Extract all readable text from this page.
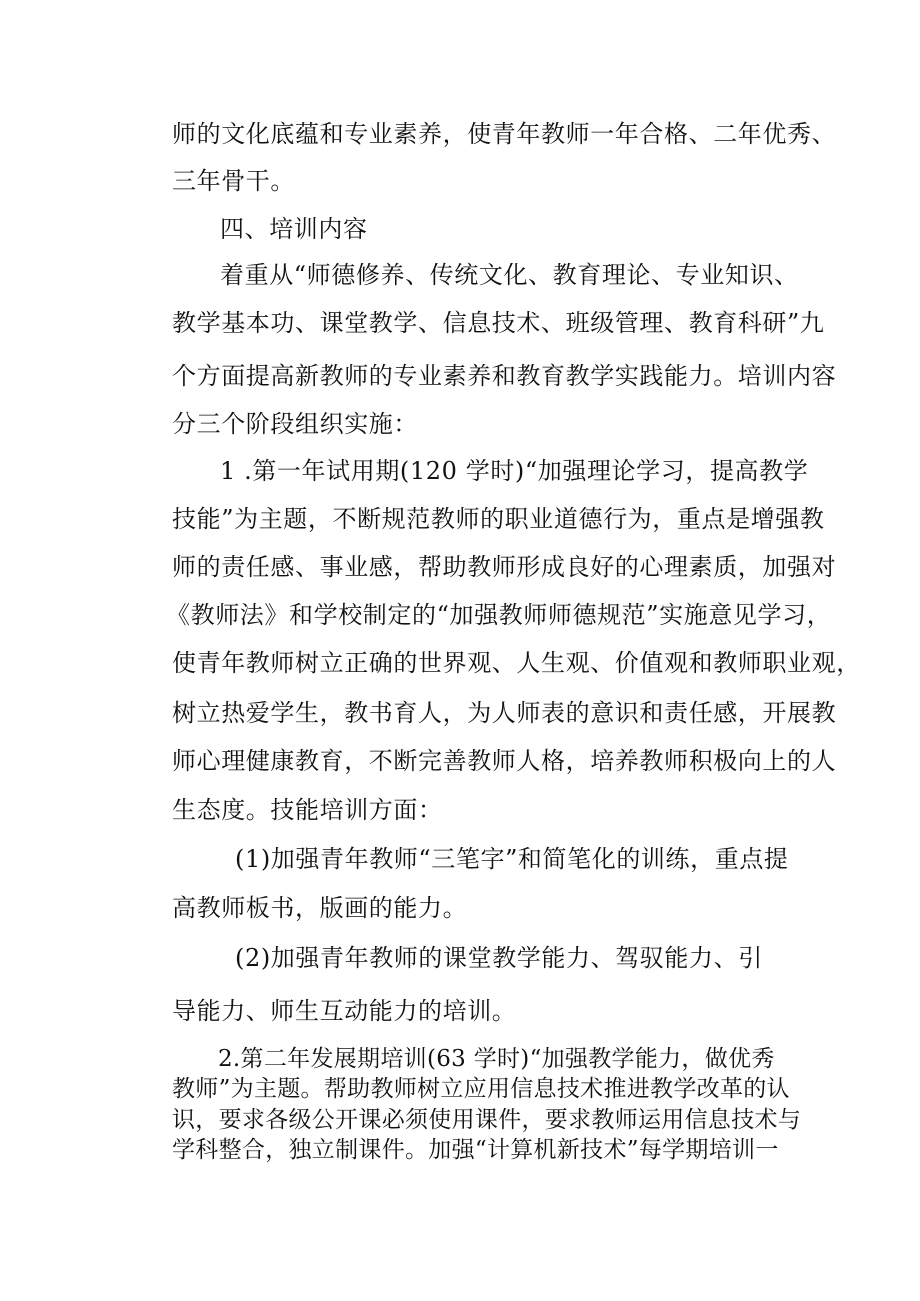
师的文化底蕴和专业素养，使青年教师一年合格、二年优秀、
三年骨干。
四、培训内容
着重从“师德修养、传统文化、教育理论、专业知识、
教学基本功、课堂教学、信息技术、班级管理、教育科研”九
个方面提高新教师的专业素养和教育教学实践能力。培训内容
分三个阶段组织实施：
1 .第一年试用期(120 学时)“加强理论学习，提高教学
技能”为主题，不断规范教师的职业道德行为，重点是增强教
师的责任感、事业感，帮助教师形成良好的心理素质，加强对
《教师法》和学校制定的“加强教师师德规范”实施意见学习，
使青年教师树立正确的世界观、人生观、价值观和教师职业观，
树立热爱学生，教书育人，为人师表的意识和责任感，开展教
师心理健康教育，不断完善教师人格，培养教师积极向上的人
生态度。技能培训方面：
(1)加强青年教师“三笔字”和简笔化的训练，重点提
高教师板书，版画的能力。
(2)加强青年教师的课堂教学能力、驾驭能力、引
导能力、师生互动能力的培训。
2.第二年发展期培训(63 学时)“加强教学能力，做优秀
教师”为主题。帮助教师树立应用信息技术推进教学改革的认
识，要求各级公开课必须使用课件，要求教师运用信息技术与
学科整合，独立制课件。加强“计算机新技术”每学期培训一
